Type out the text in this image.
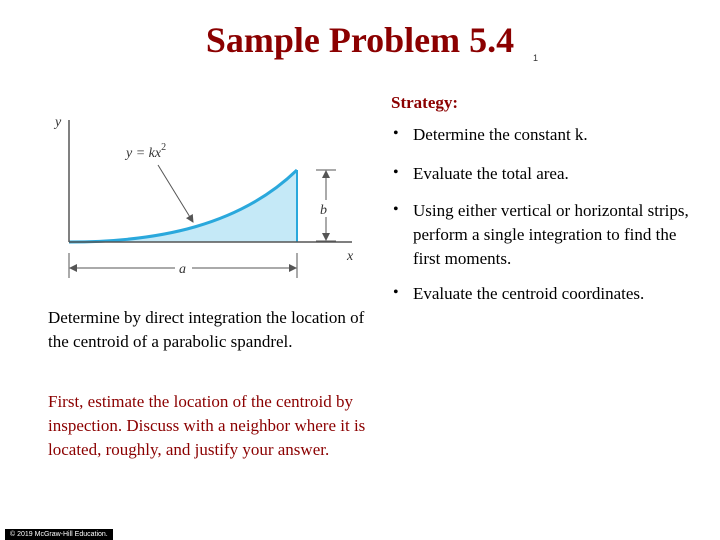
Sample Problem 5.4	1
y
x
$y = kx^2$
b
a
Strategy:
• Determine the constant k.
• Evaluate the total area.
• Using either vertical or horizontal strips, perform a single integration to find the first moments.
• Evaluate the centroid coordinates.

Determine by direct integration the location of the centroid of a parabolic spandrel.

First, estimate the location of the centroid by inspection. Discuss with a neighbor where it is located, roughly, and justify your answer.

© 2019 McGraw-Hill Education.
